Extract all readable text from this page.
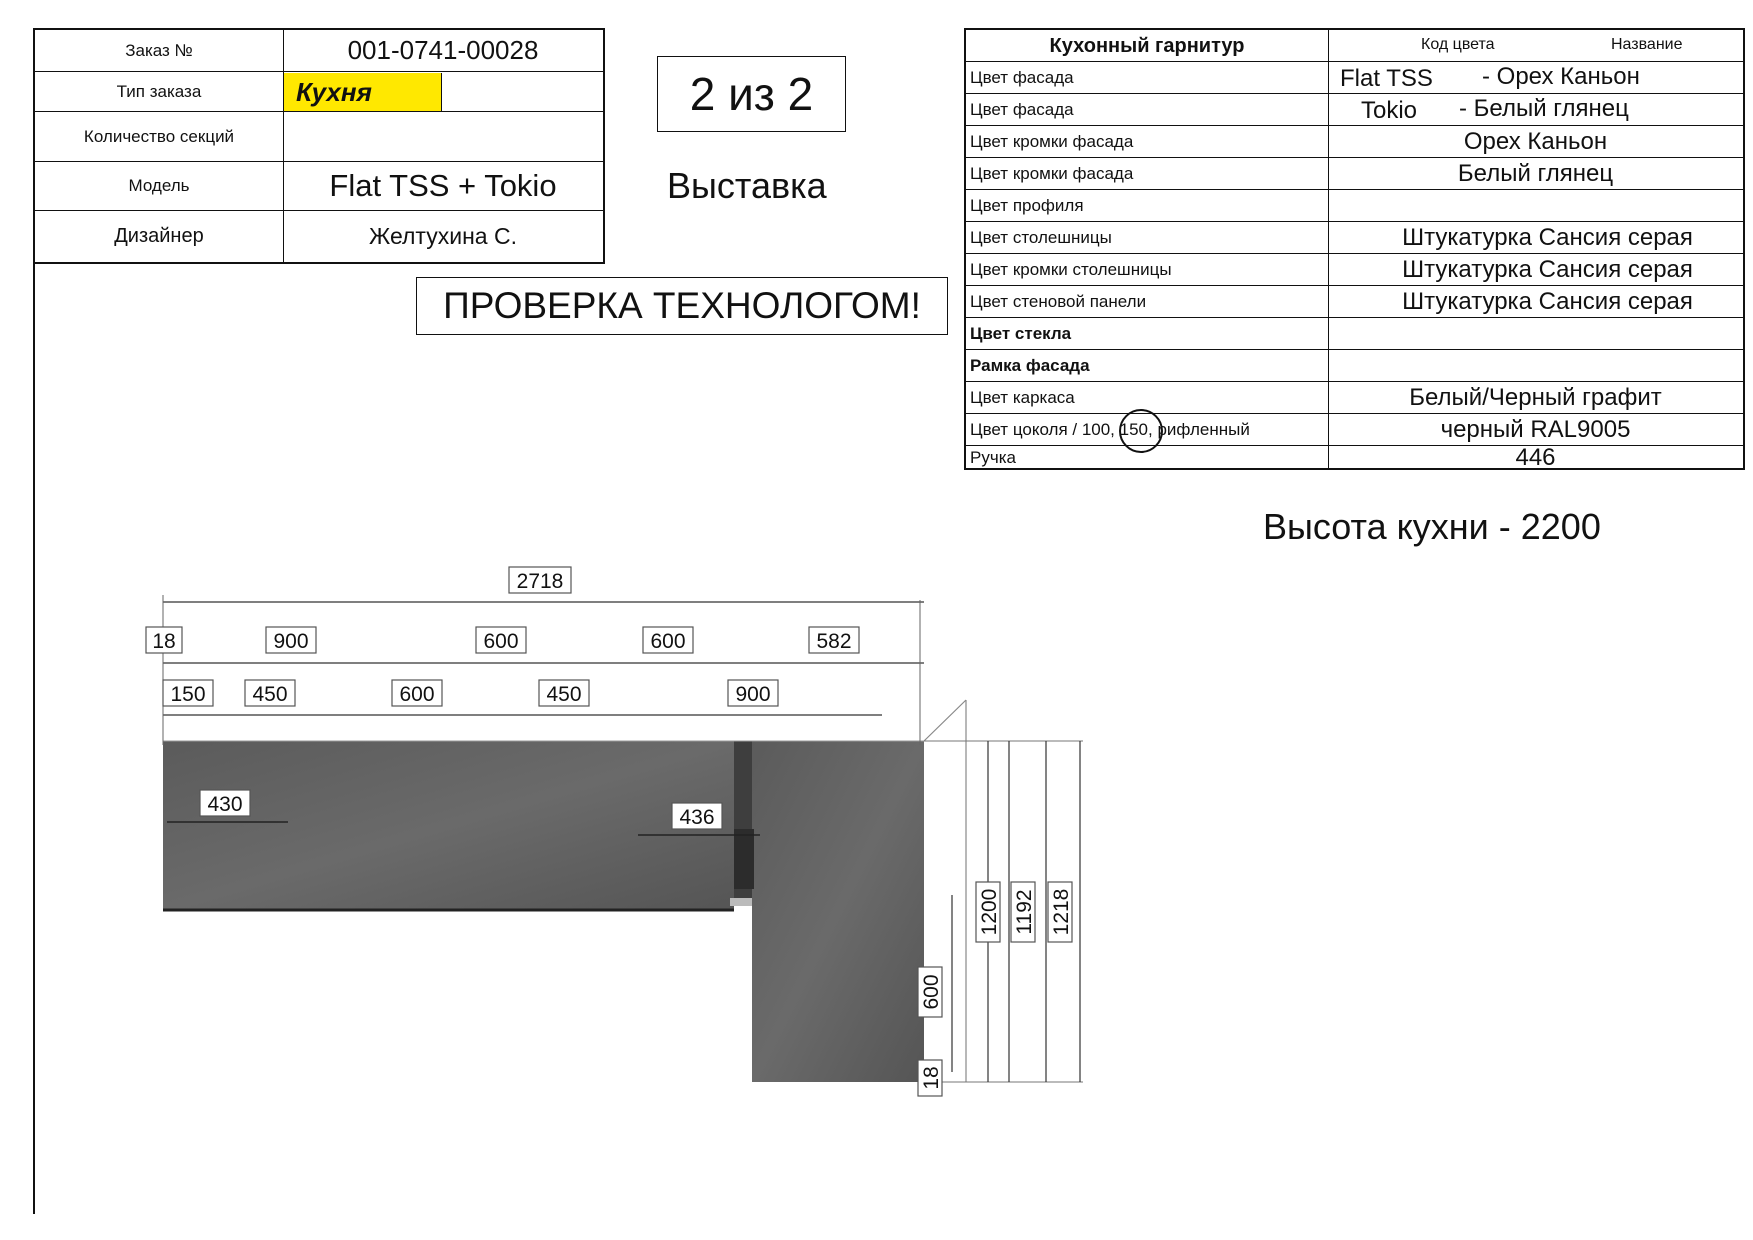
Заказ №	001-0741-00028
Тип заказа	Кухня
Количество секций
Модель	Flat TSS + Tokio
Дизайнер	Желтухина С.
2 из 2
Выставка
ПРОВЕРКА ТЕХНОЛОГОМ!
Кухонный гарнитур	Код цвета	Название
Цвет фасада	Flat TSS - Орех Каньон
Цвет фасада	Tokio - Белый глянец
Цвет кромки фасада	Орех Каньон
Цвет кромки фасада	Белый глянец
Цвет профиля
Цвет столешницы	Штукатурка Сансия серая
Цвет кромки столешницы	Штукатурка Сансия серая
Цвет стеновой панели	Штукатурка Сансия серая
Цвет стекла
Рамка фасада
Цвет каркаса	Белый/Черный графит
Цвет цоколя / 100, 150, рифленный	черный RAL9005
Ручка	446
Высота кухни - 2200
2718
18	900	600	600	582
150 450	600	450	900
430
436
1200 1192 1218
600
18
